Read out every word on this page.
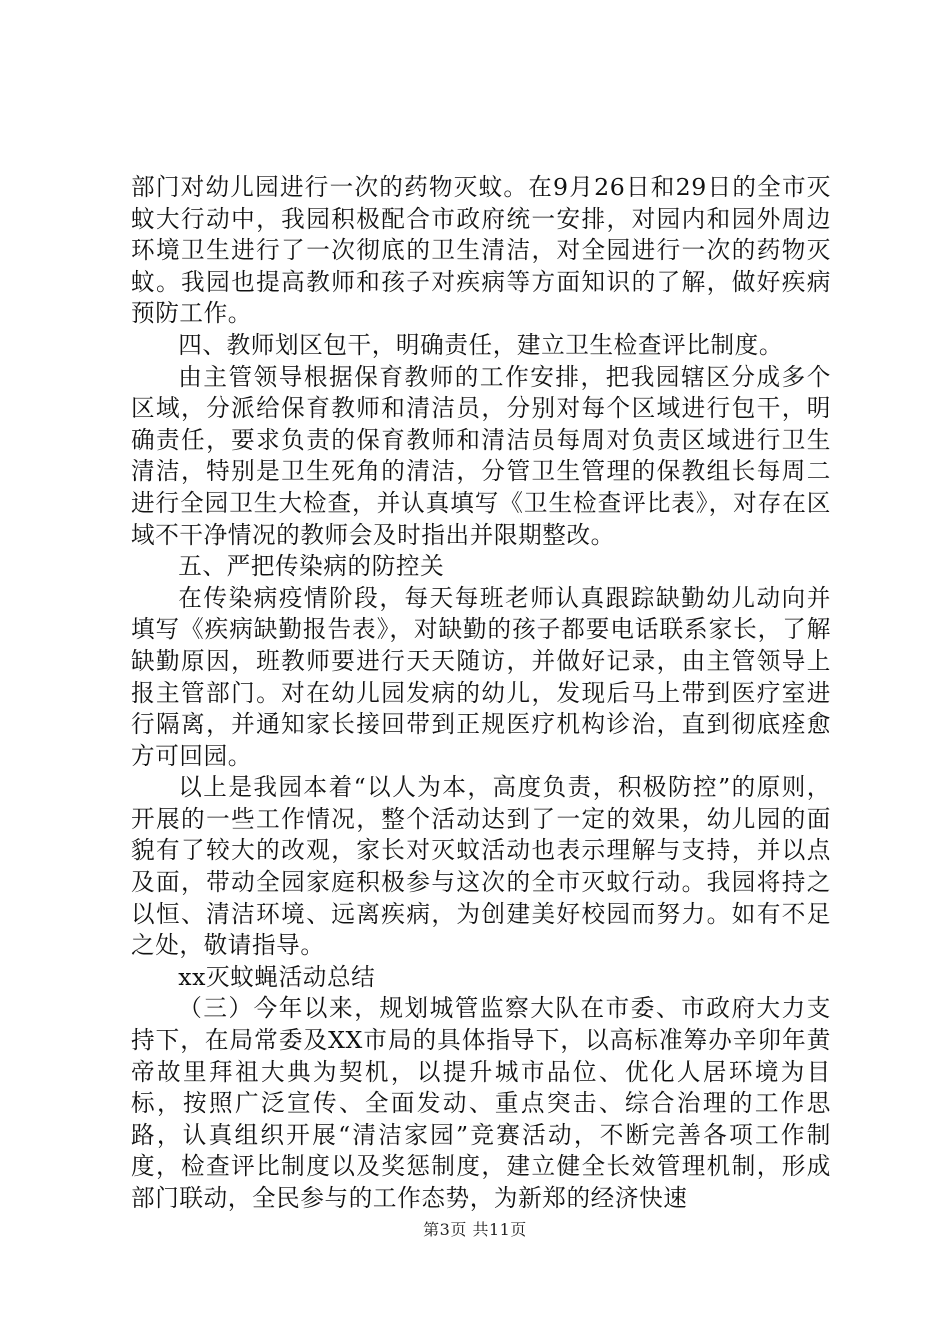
部门对幼儿园进行一次的药物灭蚊。在9月26日和29日的全市灭蚊大行动中，我园积极配合市政府统一安排，对园内和园外周边环境卫生进行了一次彻底的卫生清洁，对全园进行一次的药物灭蚊。我园也提高教师和孩子对疾病等方面知识的了解，做好疾病预防工作。

四、教师划区包干，明确责任，建立卫生检查评比制度。

由主管领导根据保育教师的工作安排，把我园辖区分成多个区域，分派给保育教师和清洁员，分别对每个区域进行包干，明确责任，要求负责的保育教师和清洁员每周对负责区域进行卫生清洁，特别是卫生死角的清洁，分管卫生管理的保教组长每周二进行全园卫生大检查，并认真填写《卫生检查评比表》，对存在区域不干净情况的教师会及时指出并限期整改。

五、严把传染病的防控关

在传染病疫情阶段，每天每班老师认真跟踪缺勤幼儿动向并填写《疾病缺勤报告表》，对缺勤的孩子都要电话联系家长，了解缺勤原因，班教师要进行天天随访，并做好记录，由主管领导上报主管部门。对在幼儿园发病的幼儿，发现后马上带到医疗室进行隔离，并通知家长接回带到正规医疗机构诊治，直到彻底痊愈方可回园。

以上是我园本着“以人为本，高度负责，积极防控”的原则，开展的一些工作情况，整个活动达到了一定的效果，幼儿园的面貌有了较大的改观，家长对灭蚊活动也表示理解与支持，并以点及面，带动全园家庭积极参与这次的全市灭蚊行动。我园将持之以恒、清洁环境、远离疾病，为创建美好校园而努力。如有不足之处，敬请指导。

xx灭蚊蝇活动总结

（三）今年以来，规划城管监察大队在市委、市政府大力支持下，在局常委及XX市局的具体指导下，以高标准筹办辛卯年黄帝故里拜祖大典为契机，以提升城市品位、优化人居环境为目标，按照广泛宣传、全面发动、重点突击、综合治理的工作思路，认真组织开展“清洁家园”竞赛活动，不断完善各项工作制度，检查评比制度以及奖惩制度，建立健全长效管理机制，形成部门联动，全民参与的工作态势，为新郑的经济快速

第3页 共11页
